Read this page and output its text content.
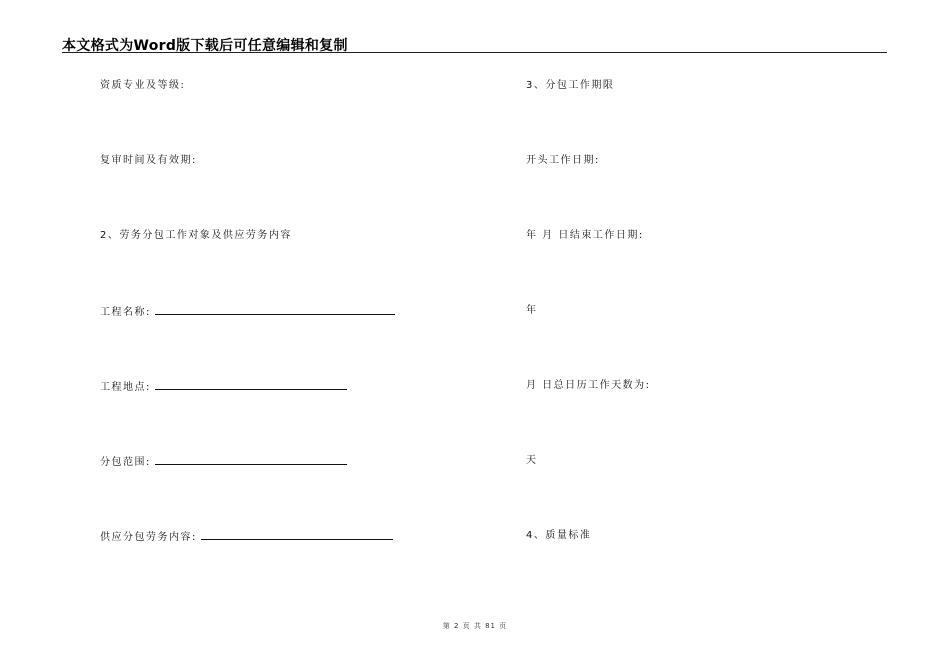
本文格式为Word版下载后可任意编辑和复制
资质专业及等级:
复审时间及有效期:
2、劳务分包工作对象及供应劳务内容
工程名称:
工程地点:
分包范围:
供应分包劳务内容:
3、分包工作期限
开头工作日期:
年 月 日结束工作日期:
年
月 日总日历工作天数为:
天
4、质量标准
第 2 页 共 81 页
